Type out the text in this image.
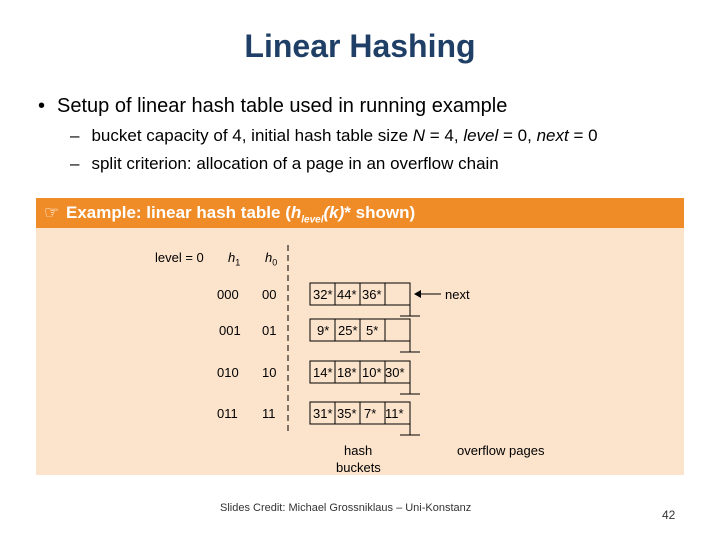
Linear Hashing
• Setup of linear hash table used in running example
– bucket capacity of 4, initial hash table size N = 4, level = 0, next = 0
– split criterion: allocation of a page in an overflow chain
☞ Example: linear hash table ($h_{level}(k)*$ shown)
level = 0 $h_1$ $h_0$
000 00
001 01
010 10
011 11
32* 44* 36*
9* 25* 5*
14* 18* 10* 30*
31* 35* 7* 11*
next
hash
buckets
overflow pages
Slides Credit: Michael Grossniklaus – Uni-Konstanz	42
